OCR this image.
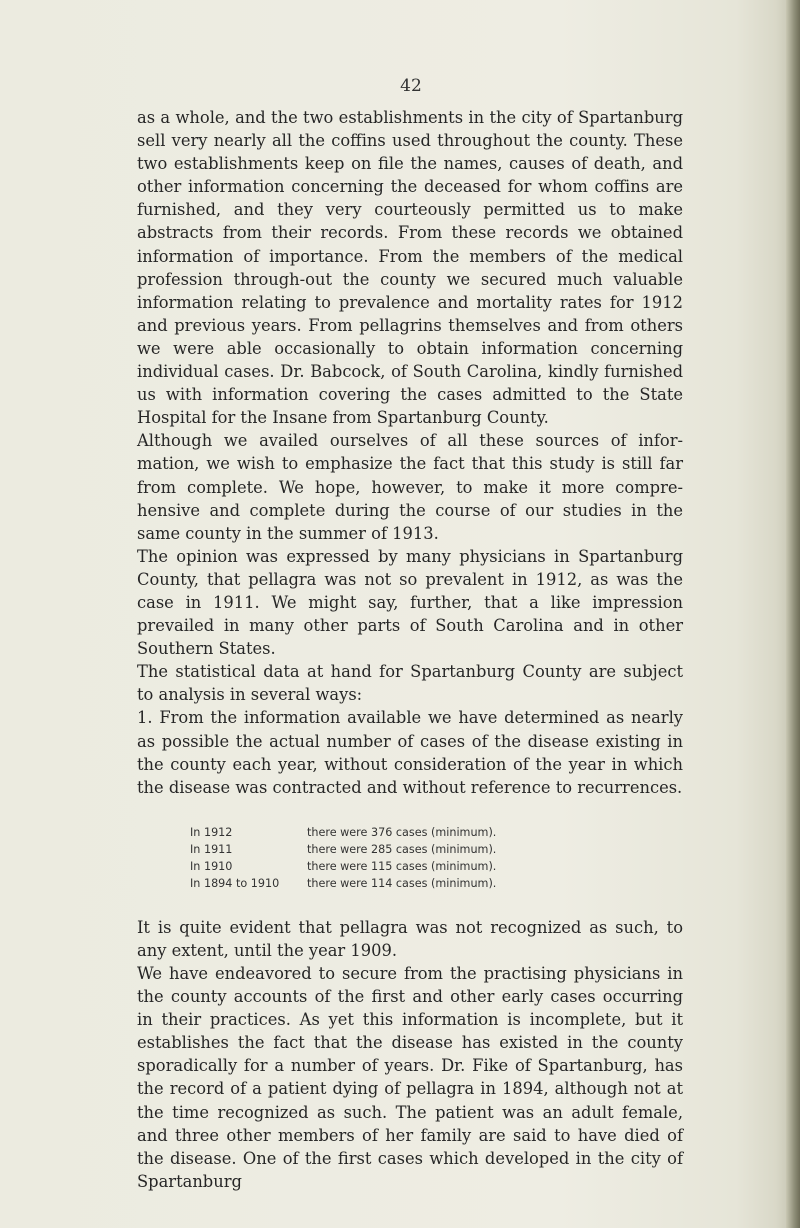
42

as a whole, and the two establishments in the city of Spartanburg sell very nearly all the coffins used throughout the county. These two establishments keep on file the names, causes of death, and other information concerning the deceased for whom coffins are furnished, and they very courteously permitted us to make abstracts from their records. From these records we obtained information of importance. From the members of the medical profession through-out the county we secured much valuable information relating to prevalence and mortality rates for 1912 and previous years. From pellagrins themselves and from others we were able occasionally to obtain information concerning individual cases. Dr. Babcock, of South Carolina, kindly furnished us with information covering the cases admitted to the State Hospital for the Insane from Spartanburg County.

Although we availed ourselves of all these sources of infor-mation, we wish to emphasize the fact that this study is still far from complete. We hope, however, to make it more compre-hensive and complete during the course of our studies in the same county in the summer of 1913.

The opinion was expressed by many physicians in Spartanburg County, that pellagra was not so prevalent in 1912, as was the case in 1911. We might say, further, that a like impression prevailed in many other parts of South Carolina and in other Southern States.

The statistical data at hand for Spartanburg County are subject to analysis in several ways:

1. From the information available we have determined as nearly as possible the actual number of cases of the disease existing in the county each year, without consideration of the year in which the disease was contracted and without reference to recurrences.

In 1912	there were 376 cases (minimum).
In 1911	there were 285 cases (minimum).
In 1910	there were 115 cases (minimum).
In 1894 to 1910 there were 114 cases (minimum).

It is quite evident that pellagra was not recognized as such, to any extent, until the year 1909.

We have endeavored to secure from the practising physicians in the county accounts of the first and other early cases occurring in their practices. As yet this information is incomplete, but it establishes the fact that the disease has existed in the county sporadically for a number of years. Dr. Fike of Spartanburg, has the record of a patient dying of pellagra in 1894, although not at the time recognized as such. The patient was an adult female, and three other members of her family are said to have died of the disease. One of the first cases which developed in the city of Spartanburg
